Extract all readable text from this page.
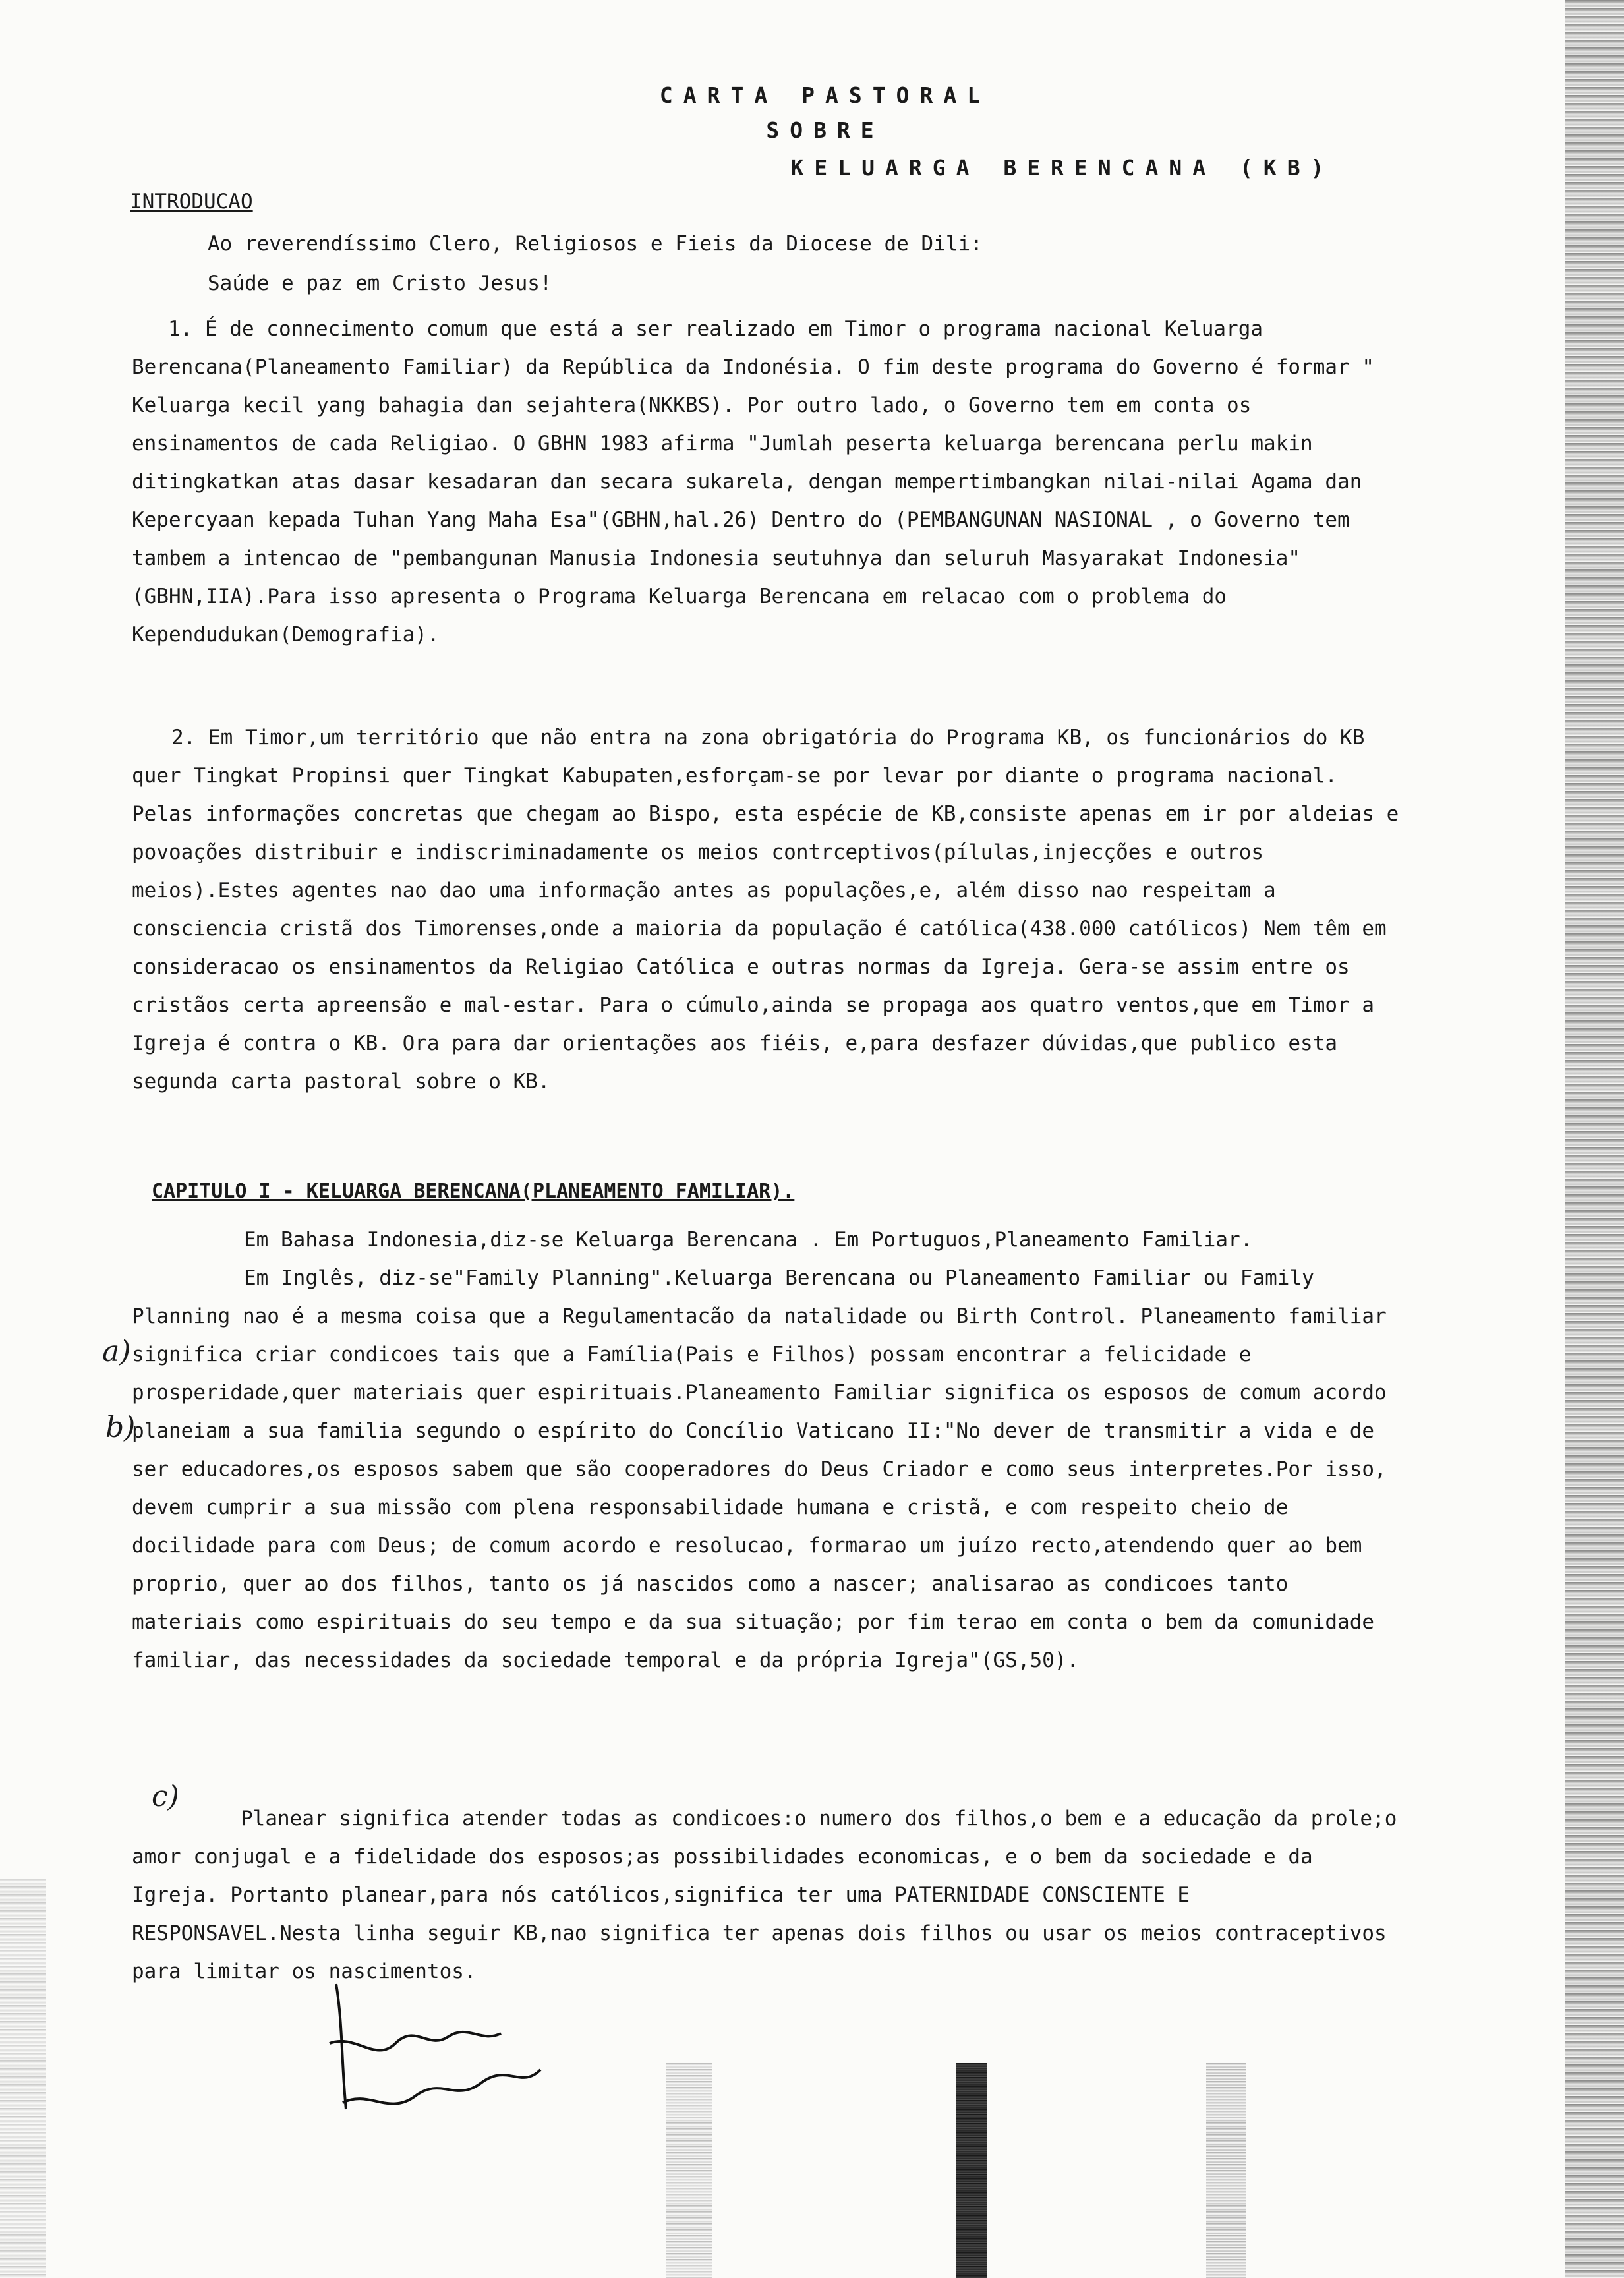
CARTA PASTORAL
SOBRE
KELUARGA BERENCANA (KB)
INTRODUCAO
Ao reverendíssimo Clero, Religiosos e Fieis da Diocese de Dili:
Saúde e paz em Cristo Jesus!

1. É de connecimento comum que está a ser realizado em Timor o programa nacional Keluarga Berencana(Planeamento Familiar) da República da Indonésia. O fim deste programa do Governo é formar " Keluarga kecil yang bahagia dan sejahtera(NKKBS). Por outro lado, o Governo tem em conta os ensinamentos de cada Religiao. O GBHN 1983 afirma "Jumlah peserta keluarga berencana perlu makin ditingkatkan atas dasar kesadaran dan secara sukarela, dengan mempertimbangkan nilai-nilai Agama dan Kepercyaan kepada Tuhan Yang Maha Esa"(GBHN,hal.26) Dentro do (PEMBANGUNAN NASIONAL , o Governo tem tambem a intencao de "pembangunan Manusia Indonesia seutuhnya dan seluruh Masyarakat Indonesia"(GBHN,IIA).Para isso apresenta o Programa Keluarga Berencana em relacao com o problema do Kependudukan(Demografia).

2. Em Timor,um território que não entra na zona obrigatória do Programa KB, os funcionários do KB quer Tingkat Propinsi quer Tingkat Kabupaten,esforçam-se por levar por diante o programa nacional. Pelas informações concretas que chegam ao Bispo, esta espécie de KB,consiste apenas em ir por aldeias e povoações distribuir e indiscriminadamente os meios contrceptivos(pílulas,injecções e outros meios).Estes agentes nao dao uma informação antes as populações,e, além disso nao respeitam a consciencia cristã dos Timorenses,onde a maioria da população é católica(438.000 católicos) Nem têm em consideracao os ensinamentos da Religiao Católica e outras normas da Igreja. Gera-se assim entre os cristãos certa apreensão e mal-estar. Para o cúmulo,ainda se propaga aos quatro ventos,que em Timor a Igreja é contra o KB. Ora para dar orientações aos fiéis, e,para desfazer dúvidas,que publico esta segunda carta pastoral sobre o KB.

CAPITULO I - KELUARGA BERENCANA(PLANEAMENTO FAMILIAR).

Em Bahasa Indonesia,diz-se Keluarga Berencana . Em Portuguos,Planeamento Familiar.

Em Inglês, diz-se"Family Planning".Keluarga Berencana ou Planeamento Familiar ou Family Planning nao é a mesma coisa que a Regulamentacão da natalidade ou Birth Control. Planeamento familiar significa criar condicoes tais que a Família(Pais e Filhos) possam encontrar a felicidade e prosperidade,quer materiais quer espirituais.Planeamento Familiar significa os esposos de comum acordo planeiam a sua familia segundo o espírito do Concílio Vaticano II:"No dever de transmitir a vida e de ser educadores,os esposos sabem que são cooperadores do Deus Criador e como seus interpretes.Por isso, devem cumprir a sua missão com plena responsabilidade humana e cristã, e com respeito cheio de docilidade para com Deus; de comum acordo e resolucao, formarao um juízo recto,atendendo quer ao bem proprio, quer ao dos filhos, tanto os já nascidos como a nascer; analisarao as condicoes tanto materiais como espirituais do seu tempo e da sua situação; por fim terao em conta o bem da comunidade familiar, das necessidades da sociedade temporal e da própria Igreja"(GS,50).

a)
b)
c)

Planear significa atender todas as condicoes:o numero dos filhos,o bem e a educação da prole;o amor conjugal e a fidelidade dos esposos;as possibilidades economicas, e o bem da sociedade e da Igreja. Portanto planear,para nós católicos,significa ter uma PATERNIDADE CONSCIENTE E RESPONSAVEL.Nesta linha seguir KB,nao significa ter apenas dois filhos ou usar os meios contraceptivos para limitar os nascimentos.
